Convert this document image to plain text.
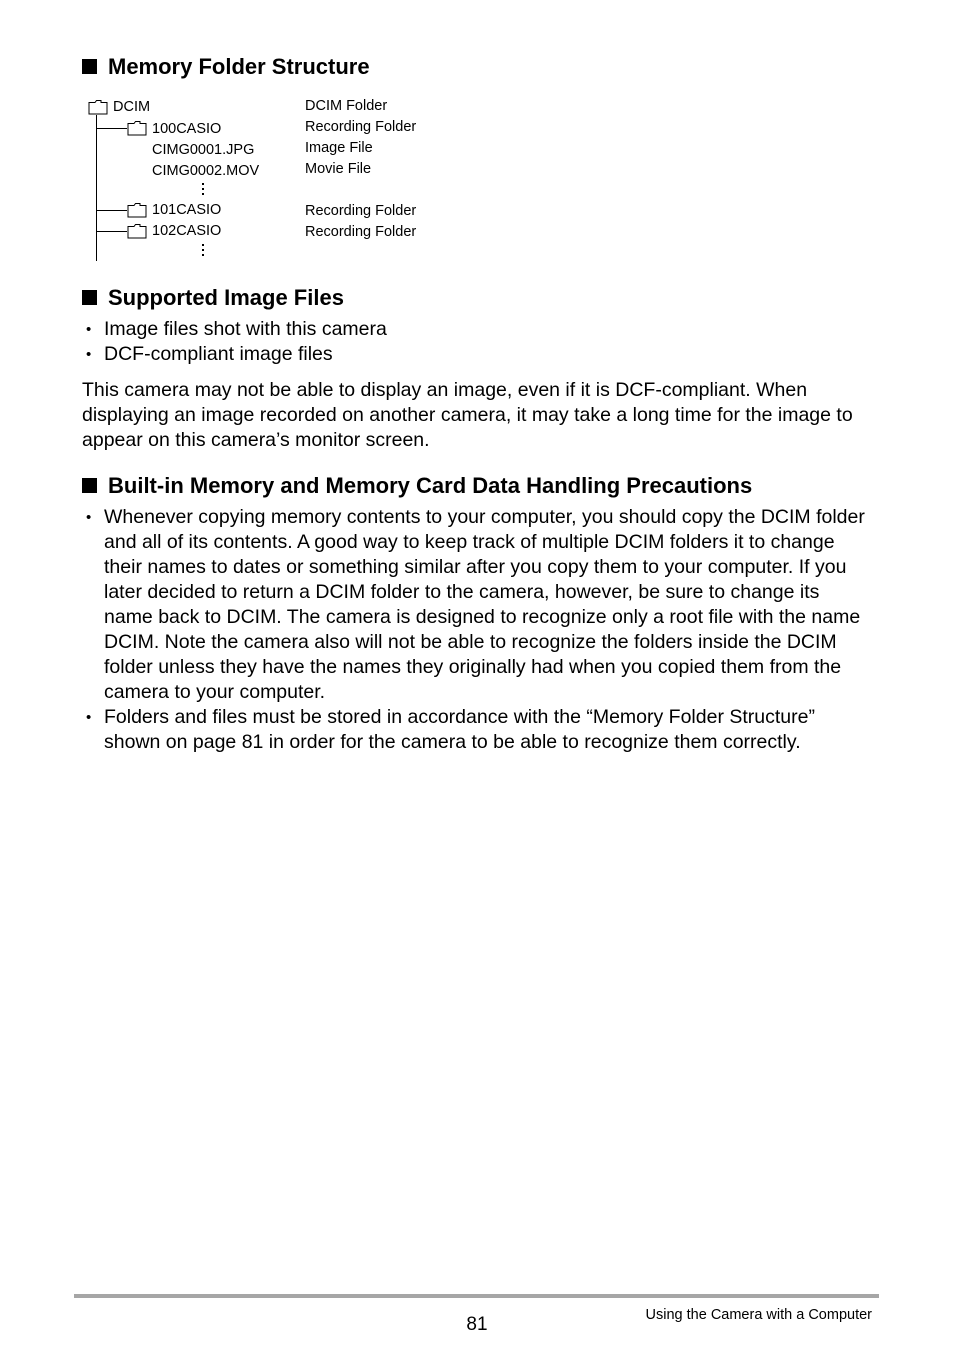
Memory Folder Structure
DCIM
100CASIO
CIMG0001.JPG
CIMG0002.MOV
101CASIO
102CASIO
DCIM Folder
Recording Folder
Image File
Movie File
Recording Folder
Recording Folder
Supported Image Files
• Image files shot with this camera
• DCF-compliant image files

This camera may not be able to display an image, even if it is DCF-compliant. When displaying an image recorded on another camera, it may take a long time for the image to appear on this camera’s monitor screen.

Built-in Memory and Memory Card Data Handling Precautions
• Whenever copying memory contents to your computer, you should copy the DCIM folder and all of its contents. A good way to keep track of multiple DCIM folders it to change their names to dates or something similar after you copy them to your computer. If you later decided to return a DCIM folder to the camera, however, be sure to change its name back to DCIM. The camera is designed to recognize only a root file with the name DCIM. Note the camera also will not be able to recognize the folders inside the DCIM folder unless they have the names they originally had when you copied them from the camera to your computer.
• Folders and files must be stored in accordance with the “Memory Folder Structure” shown on page 81 in order for the camera to be able to recognize them correctly.
81	Using the Camera with a Computer
